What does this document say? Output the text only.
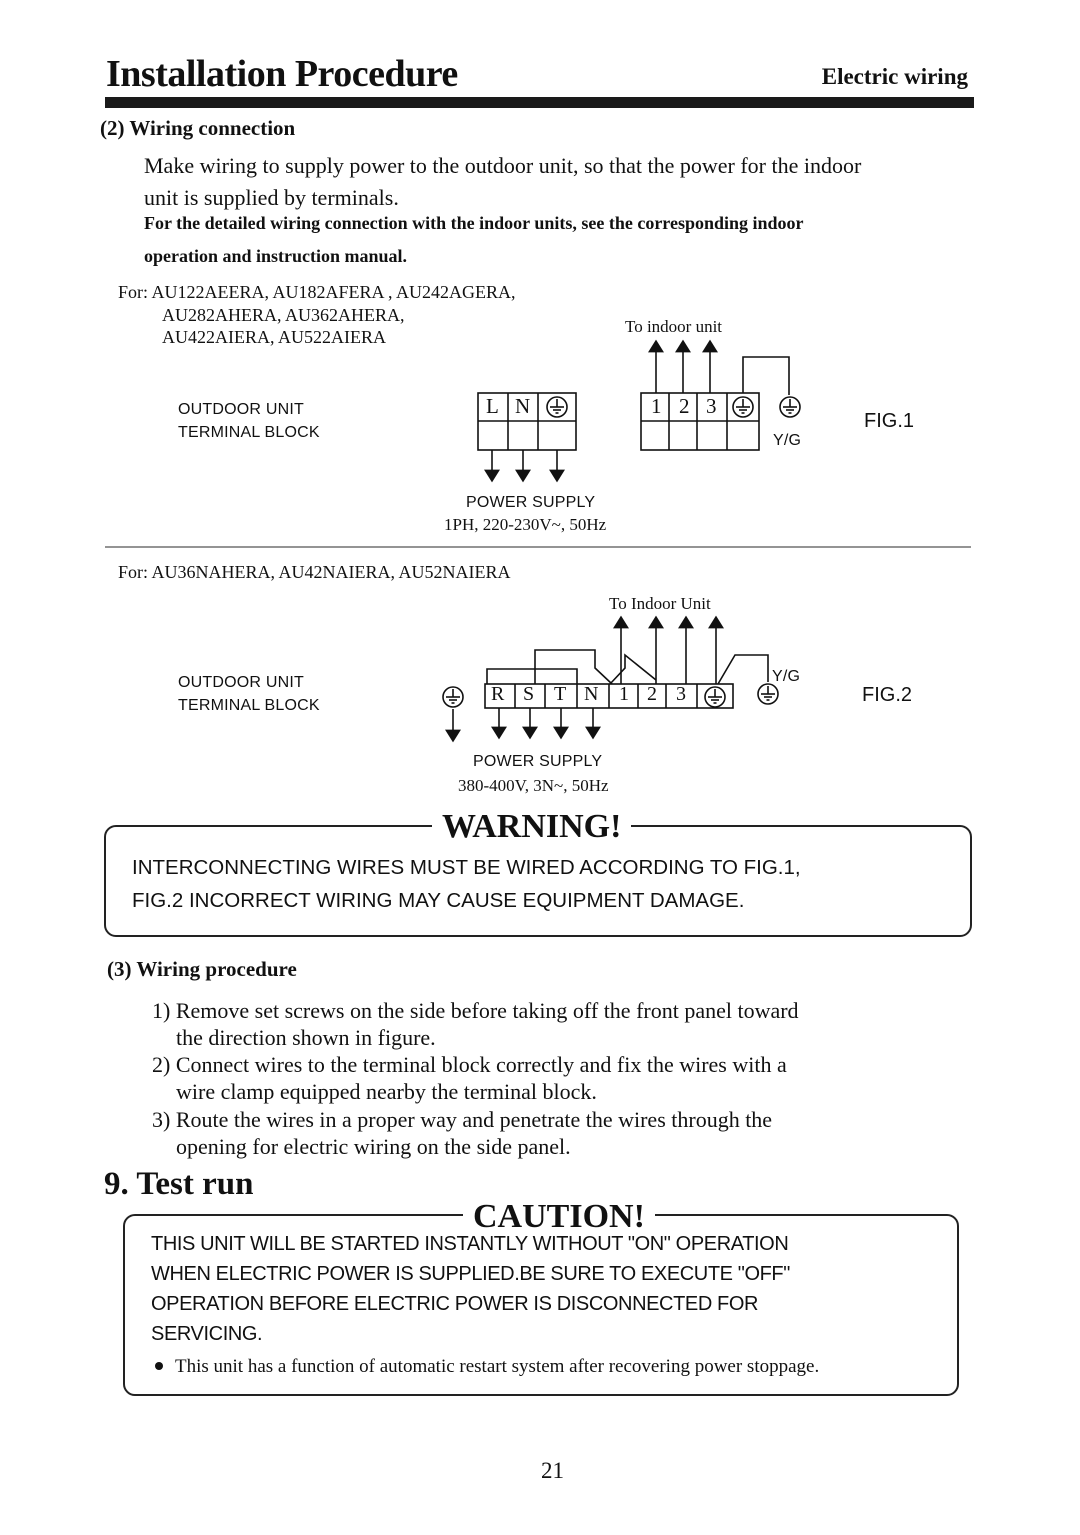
Installation Procedure	Electric wiring
(2) Wiring connection
Make wiring to supply power to the outdoor unit, so that the power for the indoor
unit is supplied by terminals.
For the detailed wiring connection with the indoor units, see the corresponding indoor
operation and instruction manual.
For: AU122AEERA, AU182AFERA , AU242AGERA,
AU282AHERA, AU362AHERA,
AU422AIERA, AU522AIERA
To indoor unit
OUTDOOR UNIT
TERMINAL BLOCK
POWER SUPPLY
1PH, 220-230V~, 50Hz
FIG.1
L N	1 2 3
Y/G
For: AU36NAHERA, AU42NAIERA, AU52NAIERA
To Indoor Unit
OUTDOOR UNIT
TERMINAL BLOCK
POWER SUPPLY
380-400V, 3N~, 50Hz
Y/G
FIG.2
R S T N 1 2 3
WARNING!
INTERCONNECTING WIRES MUST BE WIRED ACCORDING TO FIG.1,
FIG.2 INCORRECT WIRING MAY CAUSE EQUIPMENT DAMAGE.
(3) Wiring procedure
1) Remove set screws on the side before taking off the front panel toward
the direction shown in figure.
2) Connect wires to the terminal block correctly and fix the wires with a
wire clamp equipped nearby the terminal block.
3) Route the wires in a proper way and penetrate the wires through the
opening for electric wiring on the side panel.
9. Test run
CAUTION!
THIS UNIT WILL BE STARTED INSTANTLY WITHOUT "ON" OPERATION
WHEN ELECTRIC POWER IS SUPPLIED.BE SURE TO EXECUTE "OFF"
OPERATION BEFORE ELECTRIC POWER IS DISCONNECTED FOR
SERVICING.
This unit has a function of automatic restart system after recovering power stoppage.
21
